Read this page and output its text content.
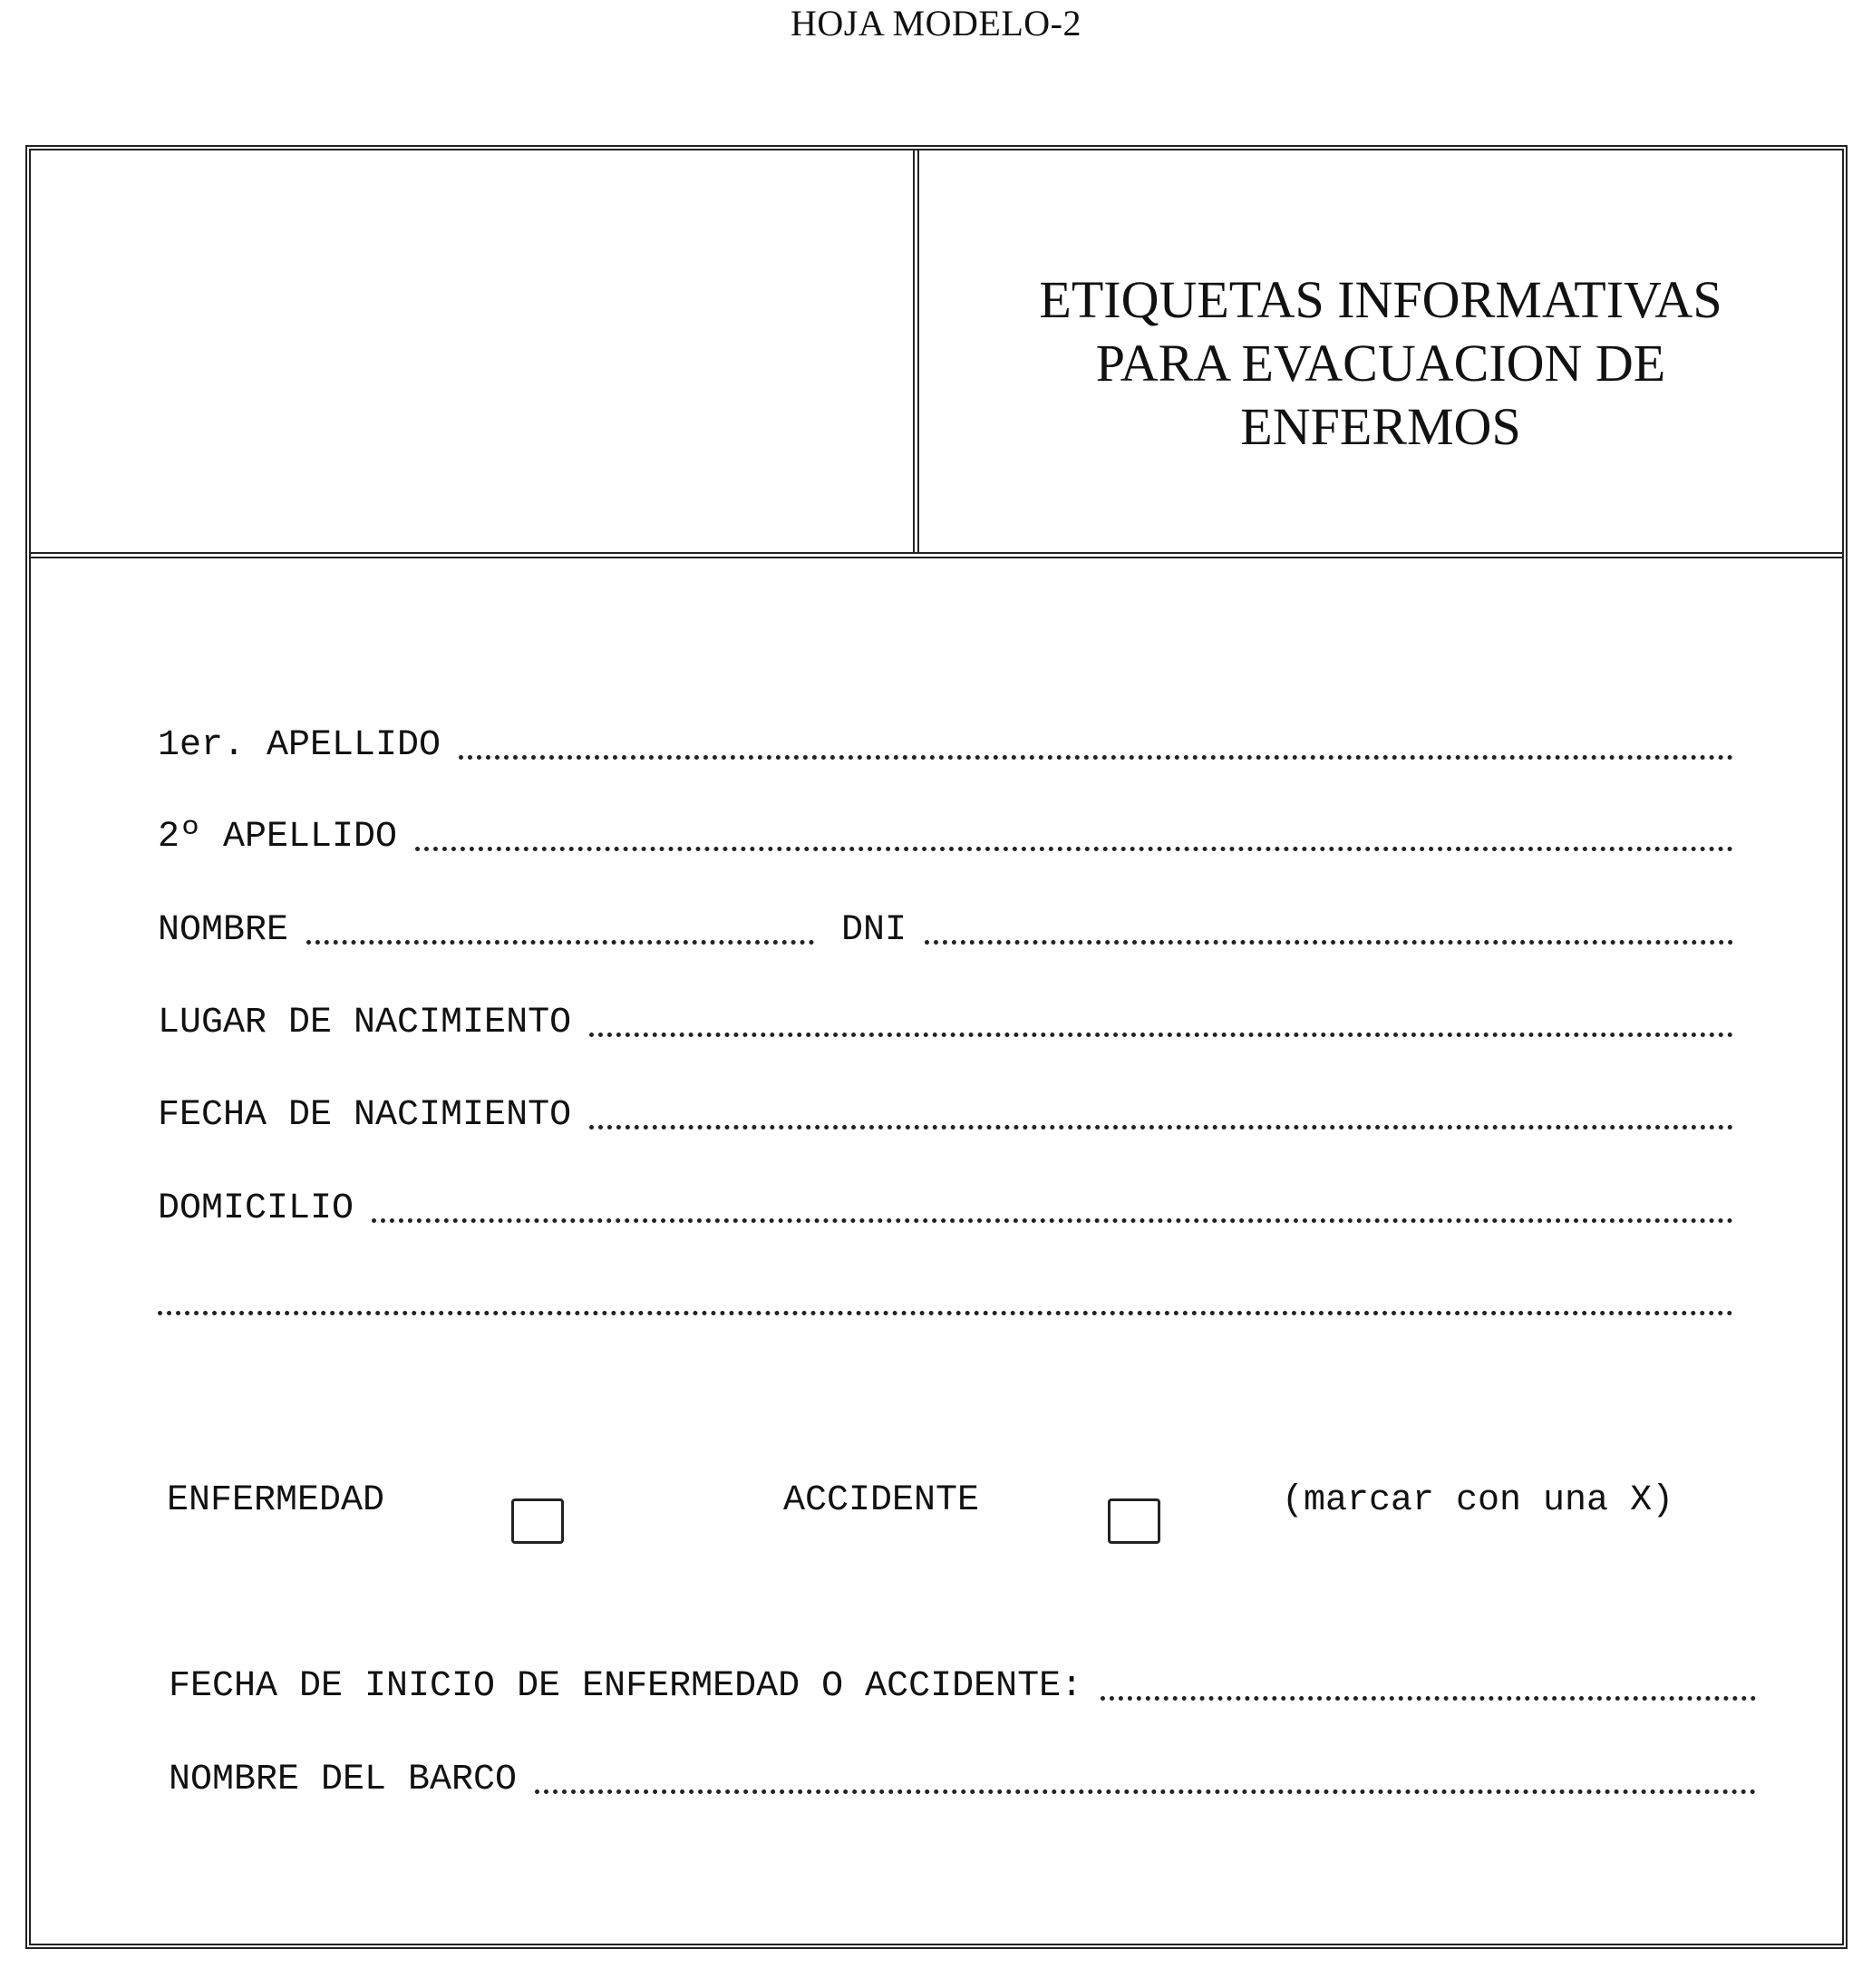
HOJA MODELO-2
ETIQUETAS INFORMATIVAS
PARA EVACUACION DE
ENFERMOS
1er. APELLIDO
2º APELLIDO
NOMBRE	DNI
LUGAR DE NACIMIENTO
FECHA DE NACIMIENTO
DOMICILIO
ENFERMEDAD	ACCIDENTE	(marcar con una X)
FECHA DE INICIO DE ENFERMEDAD O ACCIDENTE:
NOMBRE DEL BARCO
